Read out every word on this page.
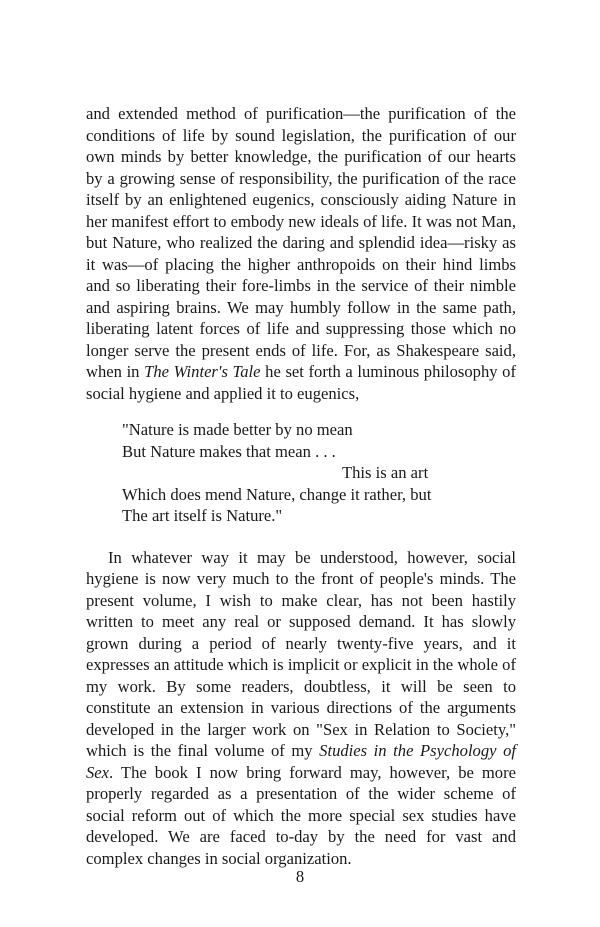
and extended method of purification—the purification of the conditions of life by sound legislation, the purification of our own minds by better knowledge, the purification of our hearts by a growing sense of responsibility, the purification of the race itself by an enlightened eugenics, consciously aiding Nature in her manifest effort to embody new ideals of life. It was not Man, but Nature, who realized the daring and splendid idea—risky as it was—of placing the higher anthropoids on their hind limbs and so liberating their fore-limbs in the service of their nimble and aspiring brains. We may humbly follow in the same path, liberating latent forces of life and suppressing those which no longer serve the present ends of life. For, as Shakespeare said, when in The Winter's Tale he set forth a luminous philosophy of social hygiene and applied it to eugenics,

"Nature is made better by no mean
But Nature makes that mean . . .
This is an art
Which does mend Nature, change it rather, but
The art itself is Nature."

In whatever way it may be understood, however, social hygiene is now very much to the front of people's minds. The present volume, I wish to make clear, has not been hastily written to meet any real or supposed demand. It has slowly grown during a period of nearly twenty-five years, and it expresses an attitude which is implicit or explicit in the whole of my work. By some readers, doubtless, it will be seen to constitute an extension in various directions of the arguments developed in the larger work on "Sex in Relation to Society," which is the final volume of my Studies in the Psychology of Sex. The book I now bring forward may, however, be more properly regarded as a presentation of the wider scheme of social reform out of which the more special sex studies have developed. We are faced to-day by the need for vast and complex changes in social organization.

8
